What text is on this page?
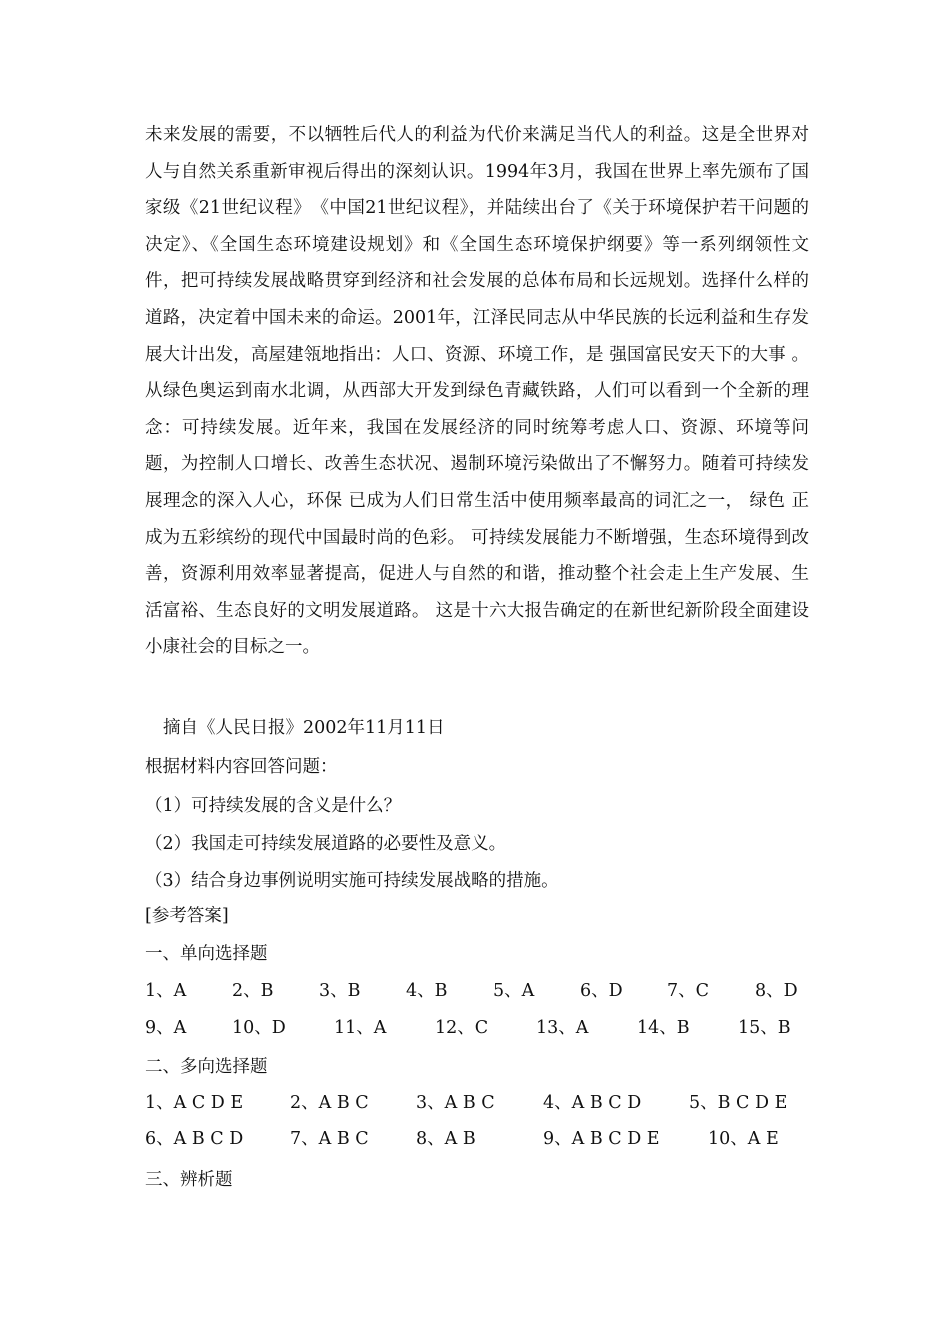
未来发展的需要，不以牺牲后代人的利益为代价来满足当代人的利益。这是全世界对人与自然关系重新审视后得出的深刻认识。1994年3月，我国在世界上率先颁布了国家级《21世纪议程》　《中国21世纪议程》，并陆续出台了《关于环境保护若干问题的决定》、《全国生态环境建设规划》和《全国生态环境保护纲要》等一系列纲领性文件，把可持续发展战略贯穿到经济和社会发展的总体布局和长远规划。选择什么样的道路，决定着中国未来的命运。2001年，江泽民同志从中华民族的长远利益和生存发展大计出发，高屋建瓴地指出：人口、资源、环境工作，是 强国富民安天下的大事 。从绿色奥运到南水北调，从西部大开发到绿色青藏铁路，人们可以看到一个全新的理念：可持续发展。近年来，我国在发展经济的同时统筹考虑人口、资源、环境等问题，为控制人口增长、改善生态状况、遏制环境污染做出了不懈努力。随着可持续发展理念的深入人心，环保 已成为人们日常生活中使用频率最高的词汇之一， 绿色 正成为五彩缤纷的现代中国最时尚的色彩。 可持续发展能力不断增强，生态环境得到改善，资源利用效率显著提高，促进人与自然的和谐，推动整个社会走上生产发展、生活富裕、生态良好的文明发展道路。 这是十六大报告确定的在新世纪新阶段全面建设小康社会的目标之一。

摘自《人民日报》2002年11月11日
根据材料内容回答问题：
（1）可持续发展的含义是什么？
（2）我国走可持续发展道路的必要性及意义。
（3）结合身边事例说明实施可持续发展战略的措施。
[参考答案]
一、单向选择题
1、A	2、B	3、B	4、B	5、A	6、D	7、C	8、D
9、A	10、D	11、A	12、C	13、A	14、B	15、B
二、多向选择题
1、A C D E	2、A B C	3、A B C	4、A B C D	5、B C D E
6、A B C D	7、A B C	8、A B	9、A B C D E	10、A E
三、辨析题
